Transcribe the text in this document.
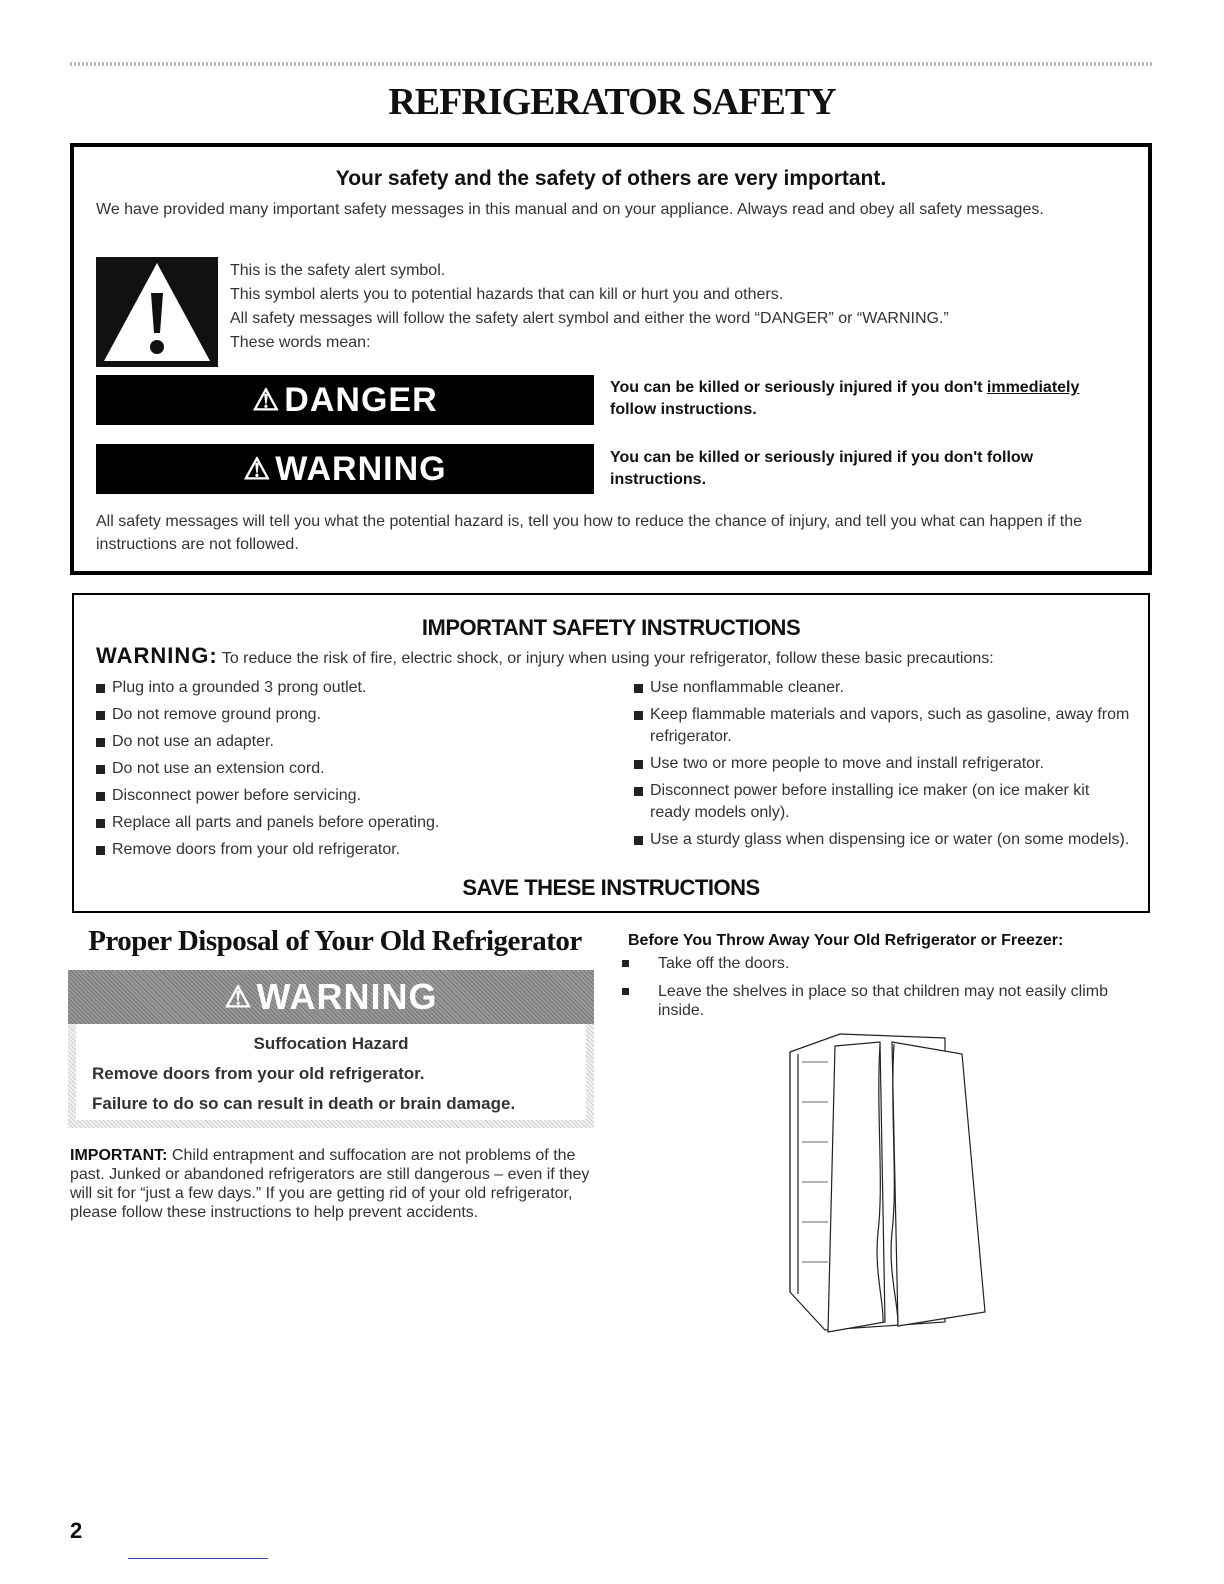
REFRIGERATOR SAFETY
Your safety and the safety of others are very important.
We have provided many important safety messages in this manual and on your appliance. Always read and obey all safety messages.
This is the safety alert symbol.
This symbol alerts you to potential hazards that can kill or hurt you and others.
All safety messages will follow the safety alert symbol and either the word “DANGER” or “WARNING.”
These words mean:
⚠ DANGER	You can be killed or seriously injured if you don't immediately
follow instructions.
⚠ WARNING	You can be killed or seriously injured if you don't follow instructions.
All safety messages will tell you what the potential hazard is, tell you how to reduce the chance of injury, and tell you what can happen if the instructions are not followed.
IMPORTANT SAFETY INSTRUCTIONS
WARNING: To reduce the risk of fire, electric shock, or injury when using your refrigerator, follow these basic precautions:
Plug into a grounded 3 prong outlet.
Do not remove ground prong.
Do not use an adapter.
Do not use an extension cord.
Disconnect power before servicing.
Replace all parts and panels before operating.
Remove doors from your old refrigerator.
Use nonflammable cleaner.
Keep flammable materials and vapors, such as gasoline, away from refrigerator.
Use two or more people to move and install refrigerator.
Disconnect power before installing ice maker (on ice maker kit ready models only).
Use a sturdy glass when dispensing ice or water (on some models).
SAVE THESE INSTRUCTIONS
Proper Disposal of Your Old Refrigerator
⚠ WARNING
Suffocation Hazard
Remove doors from your old refrigerator.
Failure to do so can result in death or brain damage.
IMPORTANT: Child entrapment and suffocation are not problems of the past. Junked or abandoned refrigerators are still dangerous – even if they will sit for “just a few days.” If you are getting rid of your old refrigerator, please follow these instructions to help prevent accidents.
Before You Throw Away Your Old Refrigerator or Freezer:
Take off the doors.
Leave the shelves in place so that children may not easily climb inside.
2
